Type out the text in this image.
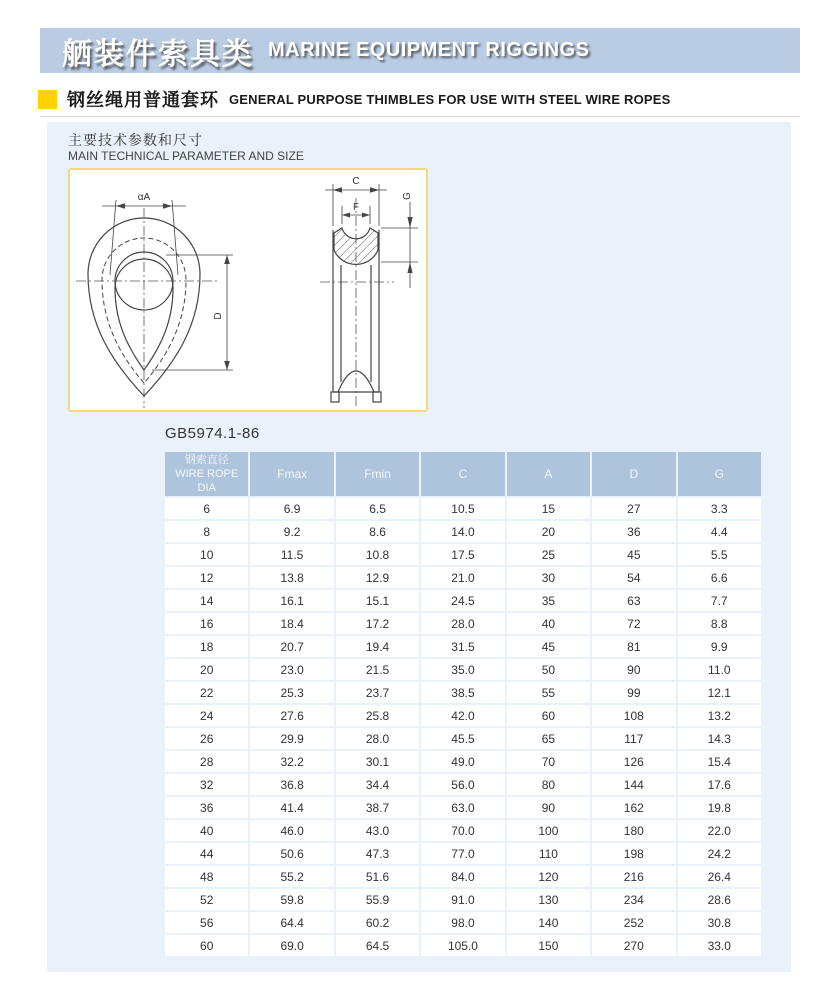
舾装件索具类 MARINE EQUIPMENT RIGGINGS
钢丝绳用普通套环 GENERAL PURPOSE THIMBLES FOR USE WITH STEEL WIRE ROPES
主要技术参数和尺寸
MAIN TECHNICAL PARAMETER AND SIZE
αA
D
C
F
G
GB5974.1-86
钢索直径
WIRE ROPE DIA	Fmax	Fmin	C	A	D	G
6	6.9	6.5	10.5	15	27	3.3
8	9.2	8.6	14.0	20	36	4.4
10	11.5	10.8	17.5	25	45	5.5
12	13.8	12.9	21.0	30	54	6.6
14	16.1	15.1	24.5	35	63	7.7
16	18.4	17.2	28.0	40	72	8.8
18	20.7	19.4	31.5	45	81	9.9
20	23.0	21.5	35.0	50	90	11.0
22	25.3	23.7	38.5	55	99	12.1
24	27.6	25.8	42.0	60	108	13.2
26	29.9	28.0	45.5	65	117	14.3
28	32.2	30.1	49.0	70	126	15.4
32	36.8	34.4	56.0	80	144	17.6
36	41.4	38.7	63.0	90	162	19.8
40	46.0	43.0	70.0	100	180	22.0
44	50.6	47.3	77.0	110	198	24.2
48	55.2	51.6	84.0	120	216	26.4
52	59.8	55.9	91.0	130	234	28.6
56	64.4	60.2	98.0	140	252	30.8
60	69.0	64.5	105.0	150	270	33.0
